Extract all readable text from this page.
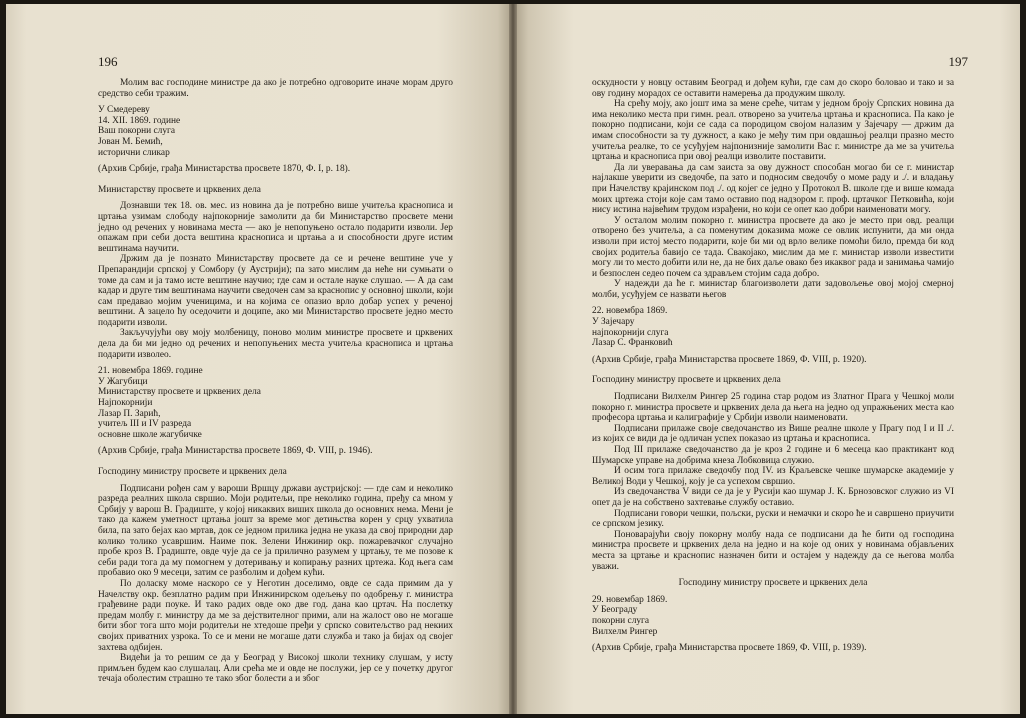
196

Молим вас господине министре да ако је потребно одговорите иначе морам друго средство себи тражим.

У Смедереву

14. XII. 1869. године

Ваш покорни слуга

Јован М. Бемић,

исторични сликар

(Архив Србије, грађа Министарства просвете 1870, Ф. I, р. 18).

Министарству просвете и црквених дела

Дознавши тек 18. ов. мес. из новина да је потребно више учитеља краснописа и цртања узимам слободу најпокорније замолити да би Министарство просвете мени једно од речених у новинама места — ако је непопуњено остало подарити изволи. Јер опажам при себи доста вештина краснописа и цртања а и способности друге истим вештинама научити.

Држим да је познато Министарству просвете да се и речене вештине уче у Препарандији српској у Сомбору (у Аустрији); па зато мислим да неће ни сумњати о томе да сам и ја тамо исте вештине научио; где сам и остале науке слушао. — А да сам кадар и друге тим вештинама научити сведочен сам за краснопис у основној школи, који сам предавао мојим ученицима, и на којима се опазио врло добар успех у реченој вештини. А зацело ћу оседочити и доципе, ако ми Министарство просвете једно место подарити изволи.

Закључујући ову моју молбеницу, поново молим министре просвете и црквених дела да би ми једно од речених и непопуњених места учитеља краснописа и цртања подарити изволео.

21. новембра 1869. године

У Жагубици

Министарству просвете и црквених дела

Најпокорнији

Лазар П. Зарић,

учитељ III и IV разреда

основне школе жагубичке

(Архив Србије, грађа Министарства просвете 1869, Ф. VIII, р. 1946).

Господину министру просвете и црквених дела

Подписани рођен сам у вароши Вршцу држави аустријској: — где сам и неколико разреда реалних школа свршио. Моји родитељи, пре неколико година, пређу са мном у Србију у варош В. Градиште, у којој никаквих виших школа до основних нема. Мени је тако да кажем уметност цртања јошт за време мог детињства корен у срцу ухватила била, па зато бејах као мртав, док се једном прилика једна не указа да свој природни дар колико толико усавршим. Наиме пок. Зелени Инжинир окр. пожаревачког случајно пробе кроз В. Градиште, овде чује да се ја прилично разумем у цртању, те ме позове к себи ради тога да му помогнем у дотеривању и копирању разних цртежа. Код њега сам пробавио око 9 месеци, затим се разболим и дођем кући.

По доласку моме наскоро се у Неготин доселимо, овде се сада примим да у Начелству окр. безплатно радим при Инжинирском одељењу по одобрењу г. министра грађевине ради поуке. И тако радих овде око две год. дана као цртач. На послетку предам молбу г. министру да ме за дејствителног прими, али на жалост ово не могаше бити због тога што моји родитељи не хтедоше пређи у српско совитељство рад некиих својих приватних узрока. То се и мени не могаше дати служба и тако ја бијах од својег захтева одбијен.

Видећи ја то решим се да у Београд у Високој школи технику слушам, у исту примљен будем као слушалац. Али срећа ме и овде не послужи, јер се у почетку другог течаја оболестим страшно те тако због болести а и због

197

оскудности у новцу оставим Београд и дођем кући, где сам до скоро боловао и тако и за ову годину морадох се оставити намерења да продужим школу.

На срећу моју, ако јошт има за мене среће, читам у једном броју Српских новина да има неколико места при гимн. реал. отворено за учитеља цртања и краснописа. Па како је покорно подписани, који се сада са породицом својом налазим у Зајечару — држим да имам способности за ту дужност, а како је међу тим при овдашњој реалци празно место учитеља реалке, то се усуђујем најпонизније замолити Вас г. министре да ме за учитеља цртања и краснописа при овој реалци изволите поставити.

Да ли уверавања да сам заиста за ову дужност способан могао би се г. министар најлакше уверити из сведочбе, па зато и подносим сведочбу о моме раду и ./. и владању при Начелству крајинском под ./. од којег се једно у Протокол В. школе где и више комада моих цртежа стоји које сам тамо оставио под надзором г. проф. цртачког Петковића, који нису истина највећим трудом израђени, но који се опет као добри наименовати могу.

У осталом молим покорно г. министра просвете да ако је место при овд. реалци отворено без учитеља, а са поменутим доказима може се овлик испунити, да ми онда изволи при истој место подарити, које би ми од врло велике помоћи било, премда би код својих родитеља бавијо се тада. Свакојако, мислим да ме г. министар изволи известити могу ли то место добити или не, да не бих даље овако без икаквог рада и занимања чамијо и безпослен седео почем са здрављем стојим сада добро.

У надежди да ће г. министар благоизволети дати задовољење овој мојој смерној молби, усуђујем се назвати његов

22. новембра 1869.

У Зајечару

најпокорнији слуга

Лазар С. Франковић

(Архив Србије, грађа Министарства просвете 1869, Ф. VIII, р. 1920).

Господину министру просвете и црквених дела

Подписани Вилхелм Рингер 25 година стар родом из Златног Прага у Чешкој моли покорно г. министра просвете и црквених дела да њега на једно од упражњених места као професора цртања и калиграфије у Србији изволи наименовати.

Подписани прилаже своје сведочанство из Више реалне школе у Прагу под I и II ./. из којих се види да је одличан успех показао из цртања и краснописа.

Под III прилаже сведочанство да је кроз 2 године и 6 месеца као практикант код Шумарске управе на добрима кнеза Лобковица служио.

И осим тога прилаже сведочбу под IV. из Краљевске чешке шумарске академије у Великој Води у Чешкој, коју је са успехом свршио.

Из сведочанства V види се да је у Русији као шумар J. К. Брнозовског служио из VI опет да је на собствено захтевање службу оставио.

Подписани говори чешки, пољски, руски и немачки и скоро ће и савршено приучити се српском језику.

Поновараjући своју покорну молбу нада се подписани да ће бити од господина министра просвете и црквених дела на једно и на које од оних у новинама објављених места за цртање и краснопис назначен бити и остајем у надежду да се његова молба уважи.

Господину министру просвете и црквених дела

29. новембар 1869.

У Београду

покорни слуга

Вилхелм Рингер

(Архив Србије, грађа Министарства просвете 1869, Ф. VIII, р. 1939).
